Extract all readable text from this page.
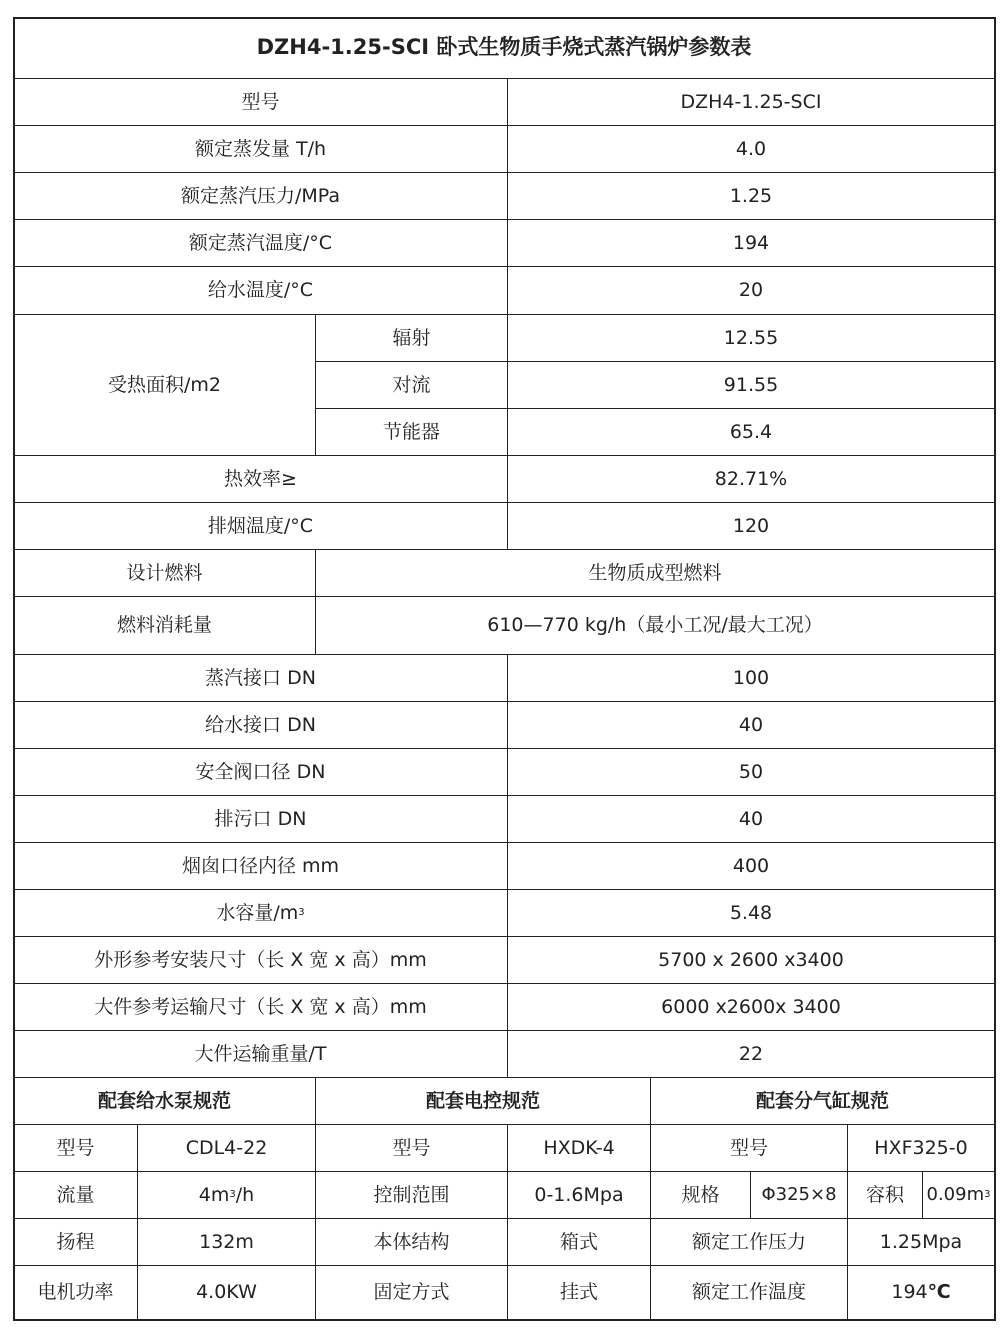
DZH4-1.25-SCI 卧式生物质手烧式蒸汽锅炉参数表
型号	DZH4-1.25-SCI
额定蒸发量 T/h	4.0
额定蒸汽压力/MPa	1.25
额定蒸汽温度/°C	194
给水温度/°C	20
受热面积/m2
辐射	12.55
对流	91.55
节能器	65.4
热效率≥	82.71%
排烟温度/°C	120
设计燃料	生物质成型燃料
燃料消耗量	610—770 kg/h（最小工况/最大工况）
蒸汽接口 DN	100
给水接口 DN	40
安全阀口径 DN	50
排污口 DN	40
烟囱口径内径 mm	400
水容量/m 3	5.48
外形参考安装尺寸（长 X 宽 x 高）mm	5700 x 2600 x3400
大件参考运输尺寸（长 X 宽 x 高）mm	6000 x2600x 3400
大件运输重量/T	22
配套给水泵规范	配套电控规范	配套分气缸规范
型号	CDL4-22	型号	HXDK-4	型号	HXF325-0
流量	4m 3 /h	控制范围	0-1.6Mpa	规格	Φ325×8	容积	0.09m 3
扬程	132m	本体结构	箱式	额定工作压力	1.25Mpa
电机功率	4.0KW	固定方式	挂式	额定工作温度	194 ℃
